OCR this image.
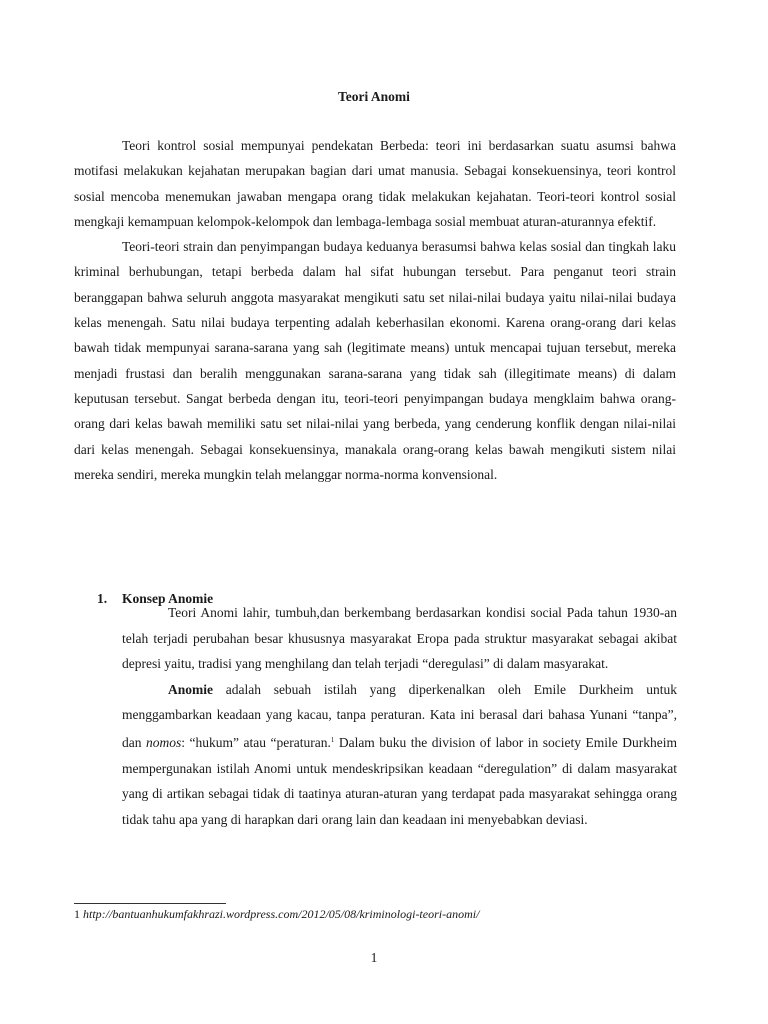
Teori Anomi

Teori kontrol sosial mempunyai pendekatan Berbeda: teori ini berdasarkan suatu asumsi bahwa motifasi melakukan kejahatan merupakan bagian dari umat manusia. Sebagai konsekuensinya, teori kontrol sosial mencoba menemukan jawaban mengapa orang tidak melakukan kejahatan. Teori-teori kontrol sosial mengkaji kemampuan kelompok-kelompok dan lembaga-lembaga sosial membuat aturan-aturannya efektif.

Teori-teori strain dan penyimpangan budaya keduanya berasumsi bahwa kelas sosial dan tingkah laku kriminal berhubungan, tetapi berbeda dalam hal sifat hubungan tersebut. Para penganut teori strain beranggapan bahwa seluruh anggota masyarakat mengikuti satu set nilai-nilai budaya yaitu nilai-nilai budaya kelas menengah. Satu nilai budaya terpenting adalah keberhasilan ekonomi. Karena orang-orang dari kelas bawah tidak mempunyai sarana-sarana yang sah (legitimate means) untuk mencapai tujuan tersebut, mereka menjadi frustasi dan beralih menggunakan sarana-sarana yang tidak sah (illegitimate means) di dalam keputusan tersebut. Sangat berbeda dengan itu, teori-teori penyimpangan budaya mengklaim bahwa orang-orang dari kelas bawah memiliki satu set nilai-nilai yang berbeda, yang cenderung konflik dengan nilai-nilai dari kelas menengah. Sebagai konsekuensinya, manakala orang-orang kelas bawah mengikuti sistem nilai mereka sendiri, mereka mungkin telah melanggar norma-norma konvensional.

1. Konsep Anomie

Teori Anomi lahir, tumbuh,dan berkembang berdasarkan kondisi social Pada tahun 1930-an telah terjadi perubahan besar khususnya masyarakat Eropa pada struktur masyarakat sebagai akibat depresi yaitu, tradisi yang menghilang dan telah terjadi “deregulasi” di dalam masyarakat.

Anomie adalah sebuah istilah yang diperkenalkan oleh Emile Durkheim untuk menggambarkan keadaan yang kacau, tanpa peraturan. Kata ini berasal dari bahasa Yunani “tanpa”, dan nomos: “hukum” atau “peraturan.$^1$ Dalam buku the division of labor in society Emile Durkheim mempergunakan istilah Anomi untuk mendeskripsikan keadaan “deregulation” di dalam masyarakat yang di artikan sebagai tidak di taatinya aturan-aturan yang terdapat pada masyarakat sehingga orang tidak tahu apa yang di harapkan dari orang lain dan keadaan ini menyebabkan deviasi.

1 http://bantuanhukumfakhrazi.wordpress.com/2012/05/08/kriminologi-teori-anomi/
1
